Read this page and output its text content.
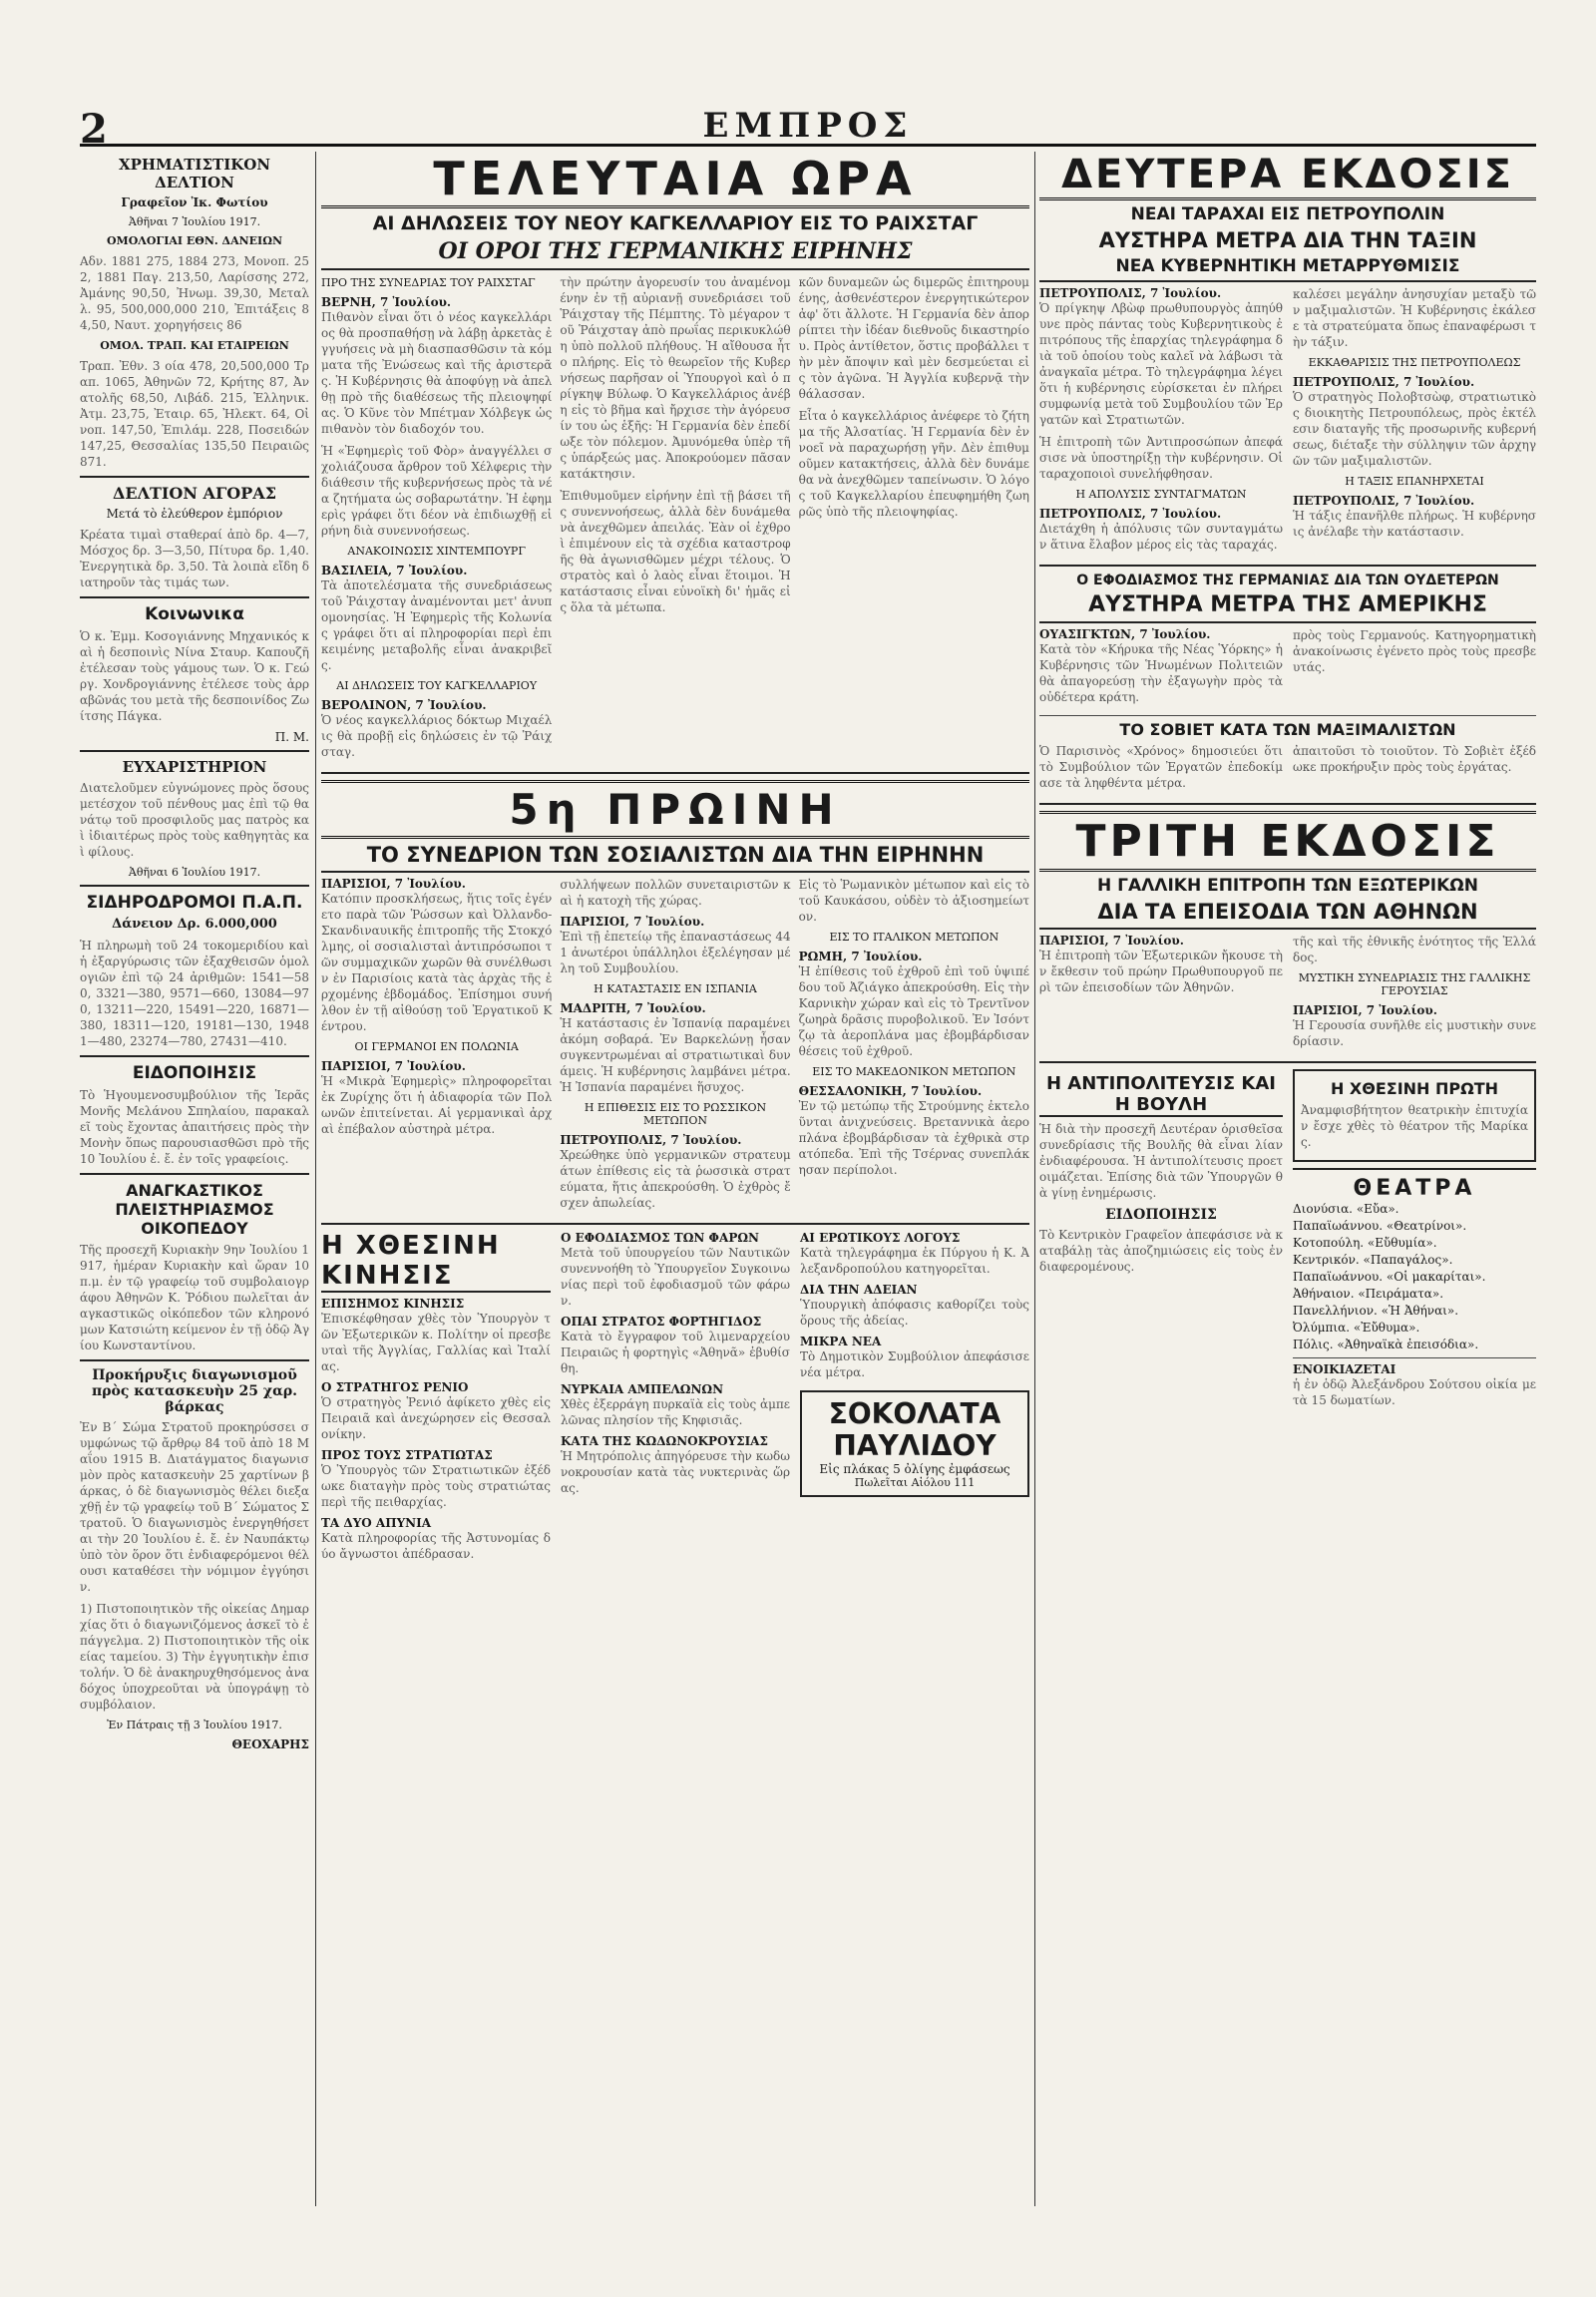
2	ΕΜΠΡΟΣ
ΧΡΗΜΑΤΙΣΤΙΚΟΝ ΔΕΛΤΙΟΝ
Γραφεῖον Ἰκ. Φωτίου
Ἀθῆναι 7 Ἰουλίου 1917.
ΟΜΟΛΟΓΙΑΙ ΕΘΝ. ΔΑΝΕΙΩΝ

Αδν. 1881 275, 1884 273, Μονοπ. 252, 1881 Παγ. 213,50, Λαρίσσης 272, Ἀμάνης 90,50, Ἠνωμ. 39,30, Μεταλλ. 95, 500,000,000 210, Ἐπιτάξεις 84,50, Ναυτ. χορηγήσεις 86

ΟΜΟΛ. ΤΡΑΠ. ΚΑΙ ΕΤΑΙΡΕΙΩΝ

Τραπ. Ἐθν. 3 οία 478, 20,500,000 Τραπ. 1065, Ἀθηνῶν 72, Κρήτης 87, Ἀνατολῆς 68,50, Λιβάδ. 215, Ἑλληνικ. Ἀτμ. 23,75, Ἐταιρ. 65, Ἠλεκτ. 64, Οἰνοπ. 147,50, Ἐπιλάμ. 228, Ποσειδών 147,25, Θεσσαλίας 135,50 Πειραιῶς 871.

ΔΕΛΤΙΟΝ ΑΓΟΡΑΣ
Μετά τὸ ἐλεύθερον ἐμπόριον

Κρέατα τιμαὶ σταθεραί ἀπὸ δρ. 4—7, Μόσχος δρ. 3—3,50, Πίτυρα δρ. 1,40. Ἐνεργητικὰ δρ. 3,50. Τὰ λοιπὰ εἴδη διατηροῦν τὰς τιμάς των.

Κοινωνικα

Ὁ κ. Ἐμμ. Κοσογιάννης Μηχανικός καὶ ἡ δεσποινὶς Νίνα Σταυρ. Καπουζῆ ἐτέλεσαν τοὺς γάμους των. Ὁ κ. Γεώργ. Χονδρογιάννης ἐτέλεσε τοὺς ἀρραβῶνάς του μετὰ τῆς δεσποινίδος Ζωίτσης Πάγκα.

Π. Μ.
ΕΥΧΑΡΙΣΤΗΡΙΟΝ

Διατελοῦμεν εὐγνώμονες πρὸς ὅσους μετέσχον τοῦ πένθους μας ἐπὶ τῷ θανάτῳ τοῦ προσφιλοῦς μας πατρὸς καὶ ἰδιαιτέρως πρὸς τοὺς καθηγητὰς καὶ φίλους.

Ἀθῆναι 6 Ἰουλίου 1917.
ΣΙΔΗΡΟΔΡΟΜΟΙ Π.Α.Π.
Δάνειον Δρ. 6.000,000

Ἡ πληρωμὴ τοῦ 24 τοκομεριδίου καὶ ἡ ἐξαργύρωσις τῶν ἐξαχθεισῶν ὁμολογιῶν ἐπὶ τῷ 24 ἀριθμῶν: 1541—580, 3321—380, 9571—660, 13084—970, 13211—220, 15491—220, 16871—380, 18311—120, 19181—130, 19481—480, 23274—780, 27431—410.

ΕΙΔΟΠΟΙΗΣΙΣ

Τὸ Ἡγουμενοσυμβούλιον τῆς Ἱερᾶς Μονῆς Μελάνου Σπηλαίου, παρακαλεῖ τοὺς ἔχοντας ἀπαιτήσεις πρὸς τὴν Μονὴν ὅπως παρουσιασθῶσι πρὸ τῆς 10 Ἰουλίου ἐ. ἔ. ἐν τοῖς γραφείοις.

ΑΝΑΓΚΑΣΤΙΚΟΣ ΠΛΕΙΣΤΗΡΙΑΣΜΟΣ ΟΙΚΟΠΕΔΟΥ

Τῆς προσεχῆ Κυριακὴν 9ην Ἰουλίου 1917, ἡμέραν Κυριακὴν καὶ ὥραν 10 π.μ. ἐν τῷ γραφείῳ τοῦ συμβολαιογράφου Ἀθηνῶν Κ. Ῥόδιου πωλεῖται ἀναγκαστικῶς οἰκόπεδον τῶν κληρονόμων Κατσιώτη κείμενον ἐν τῇ ὁδῷ Ἀγίου Κωνσταντίνου.

Προκήρυξις διαγωνισμοῦ πρὸς κατασκευὴν 25 χαρ. βάρκας

Ἐν Β΄ Σώμα Στρατοῦ προκηρύσσει συμφώνως τῷ ἄρθρῳ 84 τοῦ ἀπὸ 18 Μαΐου 1915 Β. Διατάγματος διαγωνισμὸν πρὸς κατασκευὴν 25 χαρτίνων βάρκας, ὁ δὲ διαγωνισμὸς θέλει διεξαχθῇ ἐν τῷ γραφείῳ τοῦ Β΄ Σώματος Στρατοῦ. Ὁ διαγωνισμὸς ἐνεργηθήσεται τὴν 20 Ἰουλίου ἐ. ἔ. ἐν Ναυπάκτῳ ὑπὸ τὸν ὅρον ὅτι ἐνδιαφερόμενοι θέλουσι καταθέσει τὴν νόμιμον ἐγγύησιν.

1) Πιστοποιητικὸν τῆς οἰκείας Δημαρχίας ὅτι ὁ διαγωνιζόμενος ἀσκεῖ τὸ ἐπάγγελμα. 2) Πιστοποιητικὸν τῆς οἰκείας ταμείου. 3) Τὴν ἐγγυητικὴν ἐπιστολήν. Ὁ δὲ ἀνακηρυχθησόμενος ἀναδόχος ὑποχρεοῦται νὰ ὑπογράψῃ τὸ συμβόλαιον.

Ἐν Πάτραις τῇ 3 Ἰουλίου 1917.
ΘΕΟΧΑΡΗΣ
ΤΕΛΕΥΤΑΙΑ ΩΡΑ
ΑΙ ΔΗΛΩΣΕΙΣ ΤΟΥ ΝΕΟΥ ΚΑΓΚΕΛΛΑΡΙΟΥ ΕΙΣ ΤΟ ΡΑΙΧΣΤΑΓ
ΟΙ ΟΡΟΙ ΤΗΣ ΓΕΡΜΑΝΙΚΗΣ ΕΙΡΗΝΗΣ
ΠΡΟ ΤΗΣ ΣΥΝΕΔΡΙΑΣ ΤΟΥ ΡΑΙΧΣΤΑΓ
ΒΕΡΝΗ, 7 Ἰουλίου.

Πιθανὸν εἶναι ὅτι ὁ νέος καγκελλάριος θὰ προσπαθήσῃ νὰ λάβῃ ἀρκετὰς ἐγγυήσεις νὰ μὴ διασπασθῶσιν τὰ κόμματα τῆς Ἐνώσεως καὶ τῆς ἀριστερᾶς. Ἡ Κυβέρνησις θὰ ἀποφύγῃ νὰ ἀπελθῃ πρὸ τῆς διαθέσεως τῆς πλειοψηφίας. Ὁ Κῦνε τὸν Μπέτμαν Χόλβεγκ ὡς πιθανὸν τὸν διαδοχόν του.

Ἡ «Ἐφημερὶς τοῦ Φὸρ» ἀναγγέλλει σχολιάζουσα ἄρθρον τοῦ Χέλφερις τὴν διάθεσιν τῆς κυβερνήσεως πρὸς τὰ νέα ζητήματα ὡς σοβαρωτάτην. Ἡ ἐφημερὶς γράφει ὅτι δέον νὰ ἐπιδιωχθῇ εἰρήνη διὰ συνεννοήσεως.

ΑΝΑΚΟΙΝΩΣΙΣ ΧΙΝΤΕΜΠΟΥΡΓ
ΒΑΣΙΛΕΙΑ, 7 Ἰουλίου.

Τὰ ἀποτελέσματα τῆς συνεδριάσεως τοῦ Ῥάιχσταγ ἀναμένονται μετ' ἀνυπομονησίας. Ἡ Ἐφημερὶς τῆς Κολωνίας γράφει ὅτι αἱ πληροφορίαι περὶ ἐπικειμένης μεταβολῆς εἶναι ἀνακριβεῖς.

ΑΙ ΔΗΛΩΣΕΙΣ ΤΟΥ ΚΑΓΚΕΛΛΑΡΙΟΥ
ΒΕΡΟΛΙΝΟΝ, 7 Ἰουλίου.

Ὁ νέος καγκελλάριος δόκτωρ Μιχαέλις θὰ προβῇ εἰς δηλώσεις ἐν τῷ Ῥάιχσταγ.

τὴν πρώτην ἀγορευσίν του ἀναμένομένην ἐν τῇ αὐριανῇ συνεδριάσει τοῦ Ῥάιχσταγ τῆς Πέμπτης. Τὸ μέγαρον τοῦ Ῥάιχσταγ ἀπὸ πρωΐας περικυκλώθη ὑπὸ πολλοῦ πλήθους. Ἡ αἴθουσα ἦτο πλήρης. Εἰς τὸ θεωρεῖον τῆς Κυβερνήσεως παρῆσαν οἱ Ὑπουργοὶ καὶ ὁ πρίγκηψ Βύλωφ. Ὁ Καγκελλάριος ἀνέβη εἰς τὸ βῆμα καὶ ἤρχισε τὴν ἀγόρευσίν του ὡς ἑξῆς: Ἡ Γερμανία δὲν ἐπεδίωξε τὸν πόλεμον. Ἀμυνόμεθα ὑπὲρ τῆς ὑπάρξεώς μας. Ἀποκρούομεν πᾶσαν κατάκτησιν.

Ἐπιθυμοῦμεν εἰρήνην ἐπὶ τῇ βάσει τῆς συνεννοήσεως, ἀλλὰ δὲν δυνάμεθα νὰ ἀνεχθῶμεν ἀπειλάς. Ἐὰν οἱ ἐχθροὶ ἐπιμένουν εἰς τὰ σχέδια καταστροφῆς θὰ ἀγωνισθῶμεν μέχρι τέλους. Ὁ στρατὸς καὶ ὁ λαὸς εἶναι ἕτοιμοι. Ἡ κατάστασις εἶναι εὐνοϊκὴ δι' ἡμᾶς εἰς ὅλα τὰ μέτωπα.

κῶν δυναμεῶν ὡς διμερῶς ἐπιτηρουμένης, ἀσθενέστερον ἐνεργητικώτερον ἀφ' ὅτι ἄλλοτε. Ἡ Γερμανία δὲν ἀπορρίπτει τὴν ἰδέαν διεθνοῦς δικαστηρίου. Πρὸς ἀντίθετον, ὅστις προβάλλει τὴν μὲν ἄποψιν καὶ μὲν δεσμεύεται εἰς τὸν ἀγῶνα. Ἡ Ἀγγλία κυβερνᾷ τὴν θάλασσαν.

Εἶτα ὁ καγκελλάριος ἀνέφερε τὸ ζήτημα τῆς Ἀλσατίας. Ἡ Γερμανία δὲν ἐννοεῖ νὰ παραχωρήσῃ γῆν. Δὲν ἐπιθυμοῦμεν κατακτήσεις, ἀλλὰ δὲν δυνάμεθα νὰ ἀνεχθῶμεν ταπείνωσιν. Ὁ λόγος τοῦ Καγκελλαρίου ἐπευφημήθη ζωηρῶς ὑπὸ τῆς πλειοψηφίας.

5η ΠΡΩΙΝΗ
ΤΟ ΣΥΝΕΔΡΙΟΝ ΤΩΝ ΣΟΣΙΑΛΙΣΤΩΝ ΔΙΑ ΤΗΝ ΕΙΡΗΝΗΝ
ΠΑΡΙΣΙΟΙ, 7 Ἰουλίου.

Κατόπιν προσκλήσεως, ἥτις τοῖς ἐγένετο παρὰ τῶν Ῥώσσων καὶ Ὀλλανδο-Σκανδιναυικῆς ἐπιτροπῆς τῆς Στοκχόλμης, οἱ σοσιαλισταὶ ἀντιπρόσωποι τῶν συμμαχικῶν χωρῶν θὰ συνέλθωσιν ἐν Παρισίοις κατὰ τὰς ἀρχὰς τῆς ἐρχομένης ἑβδομάδος. Ἐπίσημοι συνήλθον ἐν τῇ αἰθούσῃ τοῦ Ἐργατικοῦ Κέντρου.

ΟΙ ΓΕΡΜΑΝΟΙ ΕΝ ΠΟΛΩΝΙΑ
ΠΑΡΙΣΙΟΙ, 7 Ἰουλίου.

Ἡ «Μικρὰ Ἐφημερὶς» πληροφορεῖται ἐκ Ζυρίχης ὅτι ἡ ἀδιαφορία τῶν Πολωνῶν ἐπιτείνεται. Αἱ γερμανικαὶ ἀρχαὶ ἐπέβαλον αὐστηρὰ μέτρα.

συλλήψεων πολλῶν συνεταιριστῶν καὶ ἡ κατοχὴ τῆς χώρας.

ΠΑΡΙΣΙΟΙ, 7 Ἰουλίου.

Ἐπὶ τῇ ἐπετείῳ τῆς ἐπαναστάσεως 441 ἀνωτέροι ὑπάλληλοι ἐξελέγησαν μέλη τοῦ Συμβουλίου.

Η ΚΑΤΑΣΤΑΣΙΣ ΕΝ ΙΣΠΑΝΙΑ
ΜΑΔΡΙΤΗ, 7 Ἰουλίου.

Ἡ κατάστασις ἐν Ἰσπανίᾳ παραμένει ἀκόμη σοβαρά. Ἐν Βαρκελώνῃ ἦσαν συγκεντρωμέναι αἱ στρατιωτικαὶ δυνάμεις. Ἡ κυβέρνησις λαμβάνει μέτρα. Ἡ Ἰσπανία παραμένει ἥσυχος.

Η ΕΠΙΘΕΣΙΣ ΕΙΣ ΤΟ ΡΩΣΣΙΚΟΝ ΜΕΤΩΠΟΝ
ΠΕΤΡΟΥΠΟΛΙΣ, 7 Ἰουλίου.

Χρεώθηκε ὑπὸ γερμανικῶν στρατευμάτων ἐπίθεσις εἰς τὰ ῥωσσικὰ στρατεύματα, ἥτις ἀπεκρούσθη. Ὁ ἐχθρὸς ἔσχεν ἀπωλείας.

Εἰς τὸ Ῥωμανικὸν μέτωπον καὶ εἰς τὸ τοῦ Καυκάσου, οὐδὲν τὸ ἀξιοσημείωτον.

ΕΙΣ ΤΟ ΙΤΑΛΙΚΟΝ ΜΕΤΩΠΟΝ
ΡΩΜΗ, 7 Ἰουλίου.

Ἡ ἐπίθεσις τοῦ ἐχθροῦ ἐπὶ τοῦ ὑψιπέδου τοῦ Ἀζιάγκο ἀπεκρούσθη. Εἰς τὴν Καρνικὴν χώραν καὶ εἰς τὸ Τρεντῖνον ζωηρὰ δρᾶσις πυροβολικοῦ. Ἐν Ἰσόντζῳ τὰ ἀεροπλάνα μας ἐβομβάρδισαν θέσεις τοῦ ἐχθροῦ.

ΕΙΣ ΤΟ ΜΑΚΕΔΟΝΙΚΟΝ ΜΕΤΩΠΟΝ
ΘΕΣΣΑΛΟΝΙΚΗ, 7 Ἰουλίου.

Ἐν τῷ μετώπῳ τῆς Στρούμνης ἐκτελοῦνται ἀνιχνεύσεις. Βρεταννικὰ ἀεροπλάνα ἐβομβάρδισαν τὰ ἐχθρικὰ στρατόπεδα. Ἐπὶ τῆς Τσέρνας συνεπλάκησαν περίπολοι.

Η ΧΘΕΣΙΝΗ ΚΙΝΗΣΙΣ
ΕΠΙΣΗΜΟΣ ΚΙΝΗΣΙΣ

Ἐπισκέφθησαν χθὲς τὸν Ὑπουργὸν τῶν Ἐξωτερικῶν κ. Πολίτην οἱ πρεσβευταὶ τῆς Ἀγγλίας, Γαλλίας καὶ Ἰταλίας.

Ο ΣΤΡΑΤΗΓΟΣ ΡΕΝΙΟ

Ὁ στρατηγὸς Ῥενιό ἀφίκετο χθὲς εἰς Πειραιᾶ καὶ ἀνεχώρησεν εἰς Θεσσαλονίκην.

ΠΡΟΣ ΤΟΥΣ ΣΤΡΑΤΙΩΤΑΣ

Ὁ Ὑπουργὸς τῶν Στρατιωτικῶν ἐξέδωκε διαταγὴν πρὸς τοὺς στρατιώτας περὶ τῆς πειθαρχίας.

ΤΑ ΔΥΟ ΑΠΥΝΙΑ

Κατὰ πληροφορίας τῆς Ἀστυνομίας δύο ἄγνωστοι ἀπέδρασαν.

Ο ΕΦΟΔΙΑΣΜΟΣ ΤΩΝ ΦΑΡΩΝ

Μετὰ τοῦ ὑπουργείου τῶν Ναυτικῶν συνεννοήθη τὸ Ὑπουργεῖον Συγκοινωνίας περὶ τοῦ ἐφοδιασμοῦ τῶν φάρων.

ΟΠΑΙ ΣΤΡΑΤΟΣ ΦΟΡΤΗΓΙΔΟΣ

Κατὰ τὸ ἔγγραφον τοῦ λιμεναρχείου Πειραιῶς ἡ φορτηγὶς «Ἀθηνᾶ» ἐβυθίσθη.

ΝΥΡΚΑΙΑ ΑΜΠΕΛΩΝΩΝ

Χθὲς ἐξερράγη πυρκαϊὰ εἰς τοὺς ἀμπελῶνας πλησίον τῆς Κηφισιᾶς.

ΚΑΤΑ ΤΗΣ ΚΩΔΩΝΟΚΡΟΥΣΙΑΣ

Ἡ Μητρόπολις ἀπηγόρευσε τὴν κωδωνοκρουσίαν κατὰ τὰς νυκτερινὰς ὥρας.

ΑΙ ΕΡΩΤΙΚΟΥΣ ΛΟΓΟΥΣ

Κατὰ τηλεγράφημα ἐκ Πύργου ἡ Κ. Ἀλεξανδροπούλου κατηγορεῖται.

ΔΙΑ ΤΗΝ ΑΔΕΙΑΝ

Ὑπουργικὴ ἀπόφασις καθορίζει τοὺς ὅρους τῆς ἀδείας.

ΜΙΚΡΑ ΝΕΑ

Τὸ Δημοτικὸν Συμβούλιον ἀπεφάσισε νέα μέτρα.

ΣΟΚΟΛΑΤΑ ΠΑΥΛΙΔΟΥ
Εἰς πλάκας 5 ὀλίγης ἐμφάσεως
Πωλεῖται Αἰόλου 111
ΔΕΥΤΕΡΑ ΕΚΔΟΣΙΣ
ΝΕΑΙ ΤΑΡΑΧΑΙ ΕΙΣ ΠΕΤΡΟΥΠΟΛΙΝ
ΑΥΣΤΗΡΑ ΜΕΤΡΑ ΔΙΑ ΤΗΝ ΤΑΞΙΝ
ΝΕΑ ΚΥΒΕΡΝΗΤΙΚΗ ΜΕΤΑΡΡΥΘΜΙΣΙΣ
ΠΕΤΡΟΥΠΟΛΙΣ, 7 Ἰουλίου.

Ὁ πρίγκηψ Λβὼφ πρωθυπουργὸς ἀπηύθυνε πρὸς πάντας τοὺς Κυβερνητικοὺς ἐπιτρόπους τῆς ἐπαρχίας τηλεγράφημα διὰ τοῦ ὁποίου τοὺς καλεῖ νὰ λάβωσι τὰ ἀναγκαῖα μέτρα. Τὸ τηλεγράφημα λέγει ὅτι ἡ κυβέρνησις εὑρίσκεται ἐν πλήρει συμφωνίᾳ μετὰ τοῦ Συμβουλίου τῶν Ἐργατῶν καὶ Στρατιωτῶν.

Ἡ ἐπιτροπὴ τῶν Ἀντιπροσώπων ἀπεφάσισε νὰ ὑποστηρίξῃ τὴν κυβέρνησιν. Οἱ ταραχοποιοὶ συνελήφθησαν.

Η ΑΠΟΛΥΣΙΣ ΣΥΝΤΑΓΜΑΤΩΝ
ΠΕΤΡΟΥΠΟΛΙΣ, 7 Ἰουλίου.

Διετάχθη ἡ ἀπόλυσις τῶν συνταγμάτων ἅτινα ἔλαβον μέρος εἰς τὰς ταραχάς.

καλέσει μεγάλην ἀνησυχίαν μεταξὺ τῶν μαξιμαλιστῶν. Ἡ Κυβέρνησις ἐκάλεσε τὰ στρατεύματα ὅπως ἐπαναφέρωσι τὴν τάξιν.

ΕΚΚΑΘΑΡΙΣΙΣ ΤΗΣ ΠΕΤΡΟΥΠΟΛΕΩΣ
ΠΕΤΡΟΥΠΟΛΙΣ, 7 Ἰουλίου.

Ὁ στρατηγὸς Πολοβτσὼφ, στρατιωτικὸς διοικητὴς Πετρουπόλεως, πρὸς ἐκτέλεσιν διαταγῆς τῆς προσωρινῆς κυβερνήσεως, διέταξε τὴν σύλληψιν τῶν ἀρχηγῶν τῶν μαξιμαλιστῶν.

Η ΤΑΞΙΣ ΕΠΑΝΗΡΧΕΤΑΙ
ΠΕΤΡΟΥΠΟΛΙΣ, 7 Ἰουλίου.

Ἡ τάξις ἐπανῆλθε πλήρως. Ἡ κυβέρνησις ἀνέλαβε τὴν κατάστασιν.

Ο ΕΦΟΔΙΑΣΜΟΣ ΤΗΣ ΓΕΡΜΑΝΙΑΣ ΔΙΑ ΤΩΝ ΟΥΔΕΤΕΡΩΝ
ΑΥΣΤΗΡΑ ΜΕΤΡΑ ΤΗΣ ΑΜΕΡΙΚΗΣ
ΟΥΑΣΙΓΚΤΩΝ, 7 Ἰουλίου.

Κατὰ τὸν «Κήρυκα τῆς Νέας Ὑόρκης» ἡ Κυβέρνησις τῶν Ἡνωμένων Πολιτειῶν θὰ ἀπαγορεύσῃ τὴν ἐξαγωγὴν πρὸς τὰ οὐδέτερα κράτη.

πρὸς τοὺς Γερμανούς. Κατηγορηματικὴ ἀνακοίνωσις ἐγένετο πρὸς τοὺς πρεσβευτάς.

ΤΟ ΣΟΒΙΕΤ ΚΑΤΑ ΤΩΝ ΜΑΞΙΜΑΛΙΣΤΩΝ

Ὁ Παρισινὸς «Χρόνος» δημοσιεύει ὅτι τὸ Συμβούλιον τῶν Ἐργατῶν ἐπεδοκίμασε τὰ ληφθέντα μέτρα.

ἀπαιτοῦσι τὸ τοιοῦτον. Τὸ Σοβιὲτ ἐξέδωκε προκήρυξιν πρὸς τοὺς ἐργάτας.

ΤΡΙΤΗ ΕΚΔΟΣΙΣ
Η ΓΑΛΛΙΚΗ ΕΠΙΤΡΟΠΗ ΤΩΝ ΕΞΩΤΕΡΙΚΩΝ
ΔΙΑ ΤΑ ΕΠΕΙΣΟΔΙΑ ΤΩΝ ΑΘΗΝΩΝ
ΠΑΡΙΣΙΟΙ, 7 Ἰουλίου.

Ἡ ἐπιτροπὴ τῶν Ἐξωτερικῶν ἤκουσε τὴν ἔκθεσιν τοῦ πρώην Πρωθυπουργοῦ περὶ τῶν ἐπεισοδίων τῶν Ἀθηνῶν.

τῆς καὶ τῆς ἐθνικῆς ἑνότητος τῆς Ἑλλάδος.

ΜΥΣΤΙΚΗ ΣΥΝΕΔΡΙΑΣΙΣ ΤΗΣ ΓΑΛΛΙΚΗΣ ΓΕΡΟΥΣΙΑΣ
ΠΑΡΙΣΙΟΙ, 7 Ἰουλίου.

Ἡ Γερουσία συνῆλθε εἰς μυστικὴν συνεδρίασιν.

Η ΑΝΤΙΠΟΛΙΤΕΥΣΙΣ ΚΑΙ Η ΒΟΥΛΗ

Ἡ διὰ τὴν προσεχῆ Δευτέραν ὁρισθεῖσα συνεδρίασις τῆς Βουλῆς θὰ εἶναι λίαν ἐνδιαφέρουσα. Ἡ ἀντιπολίτευσις προετοιμάζεται. Ἐπίσης διὰ τῶν Ὑπουργῶν θὰ γίνῃ ἐνημέρωσις.

ΕΙΔΟΠΟΙΗΣΙΣ

Τὸ Κεντρικὸν Γραφεῖον ἀπεφάσισε νὰ καταβάλῃ τὰς ἀποζημιώσεις εἰς τοὺς ἐνδιαφερομένους.

Η ΧΘΕΣΙΝΗ ΠΡΩΤΗ

Ἀναμφισβήτητον θεατρικὴν ἐπιτυχίαν ἔσχε χθὲς τὸ θέατρον τῆς Μαρίκας.

ΘΕΑΤΡΑ
Διονύσια. «Εὔα».
Παπαϊωάννου. «Θεατρίνοι».
Κοτοπούλη. «Εὔθυμία».
Κεντρικόν. «Παπαγάλος».
Παπαϊωάννου. «Οἱ μακαρίται».
Ἀθήναιον. «Πειράματα».
Πανελλήνιον. «Ἡ Ἀθήναι».
Ὀλύμπια. «Ἐὔθυμα».
Πόλις. «Ἀθηναϊκὰ ἐπεισόδια».
ΕΝΟΙΚΙΑΖΕΤΑΙ

ἡ ἐν ὁδῷ Ἀλεξάνδρου Σούτσου οἰκία μετὰ 15 δωματίων.
